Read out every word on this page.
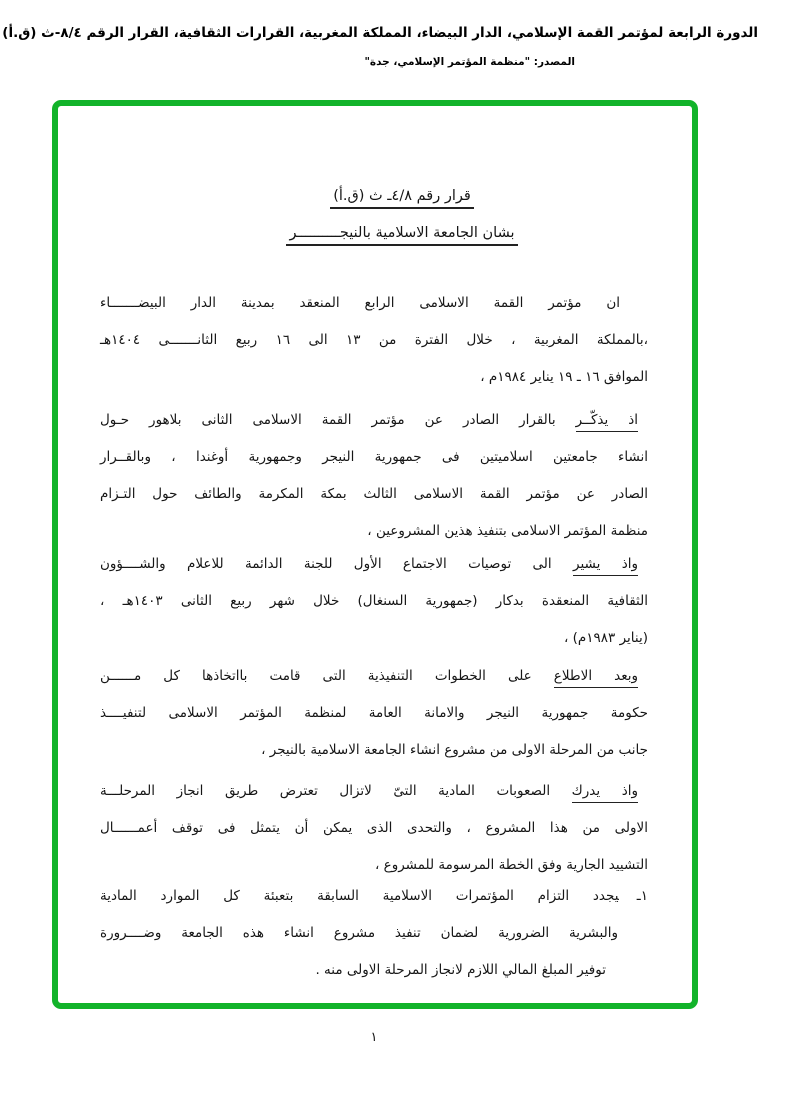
الدورة الرابعة لمؤتمر القمة الإسلامي، الدار البيضاء، المملكة المغربية، القرارات الثقافية، القرار الرقم ٨/٤-ث (ق.أ)
المصدر: "منظمة المؤتمر الإسلامي، جدة"
قرار رقم ٤/٨ـ ث (ق.أ)
بشان الجامعة الاسلامية بالنيجــــــــــر
ان مؤتمر القمة الاسلامى الرابع المنعقد بمدينة الدار البيضـــــــاء
،بالمملكة المغربية ، خلال الفترة من ١٣ الى ١٦ ربيع الثانـــــــى ١٤٠٤هـ
الموافق ١٦ ـ ١٩ يناير ١٩٨٤م ،
اذ يذكّــر بالقرار الصادر عن مؤتمر القمة الاسلامى الثانى بلاهور حـول
انشاء جامعتين اسلاميتين فى جمهورية النيجر وجمهورية أوغندا ، وبالقــرار
الصادر عن مؤتمر القمة الاسلامى الثالث بمكة المكرمة والطائف حول التـزام
منظمة المؤتمر الاسلامى بتنفيذ هذين المشروعين ،
واذ يشير الى توصيات الاجتماع الأول للجنة الدائمة للاعلام والشــــؤون
الثقافية المنعقدة بدكار (جمهورية السنغال) خلال شهر ربيع الثانى ١٤٠٣هـ ،
(يناير ١٩٨٣م) ،
وبعد الاطلاع على الخطوات التنفيذية التى قامت بااتخاذها كل مــــــن
حكومة جمهورية النيجر والامانة العامة لمنظمة المؤتمر الاسلامى لتنفيــــذ
جانب من المرحلة الاولى من مشروع انشاء الجامعة الاسلامية بالنيجر ،
واذ يدرك الصعوبات المادية التىّ لاتزال تعترض طريق انجاز المرحلـــة
الاولى من هذا المشروع ، والتحدى الذى يمكن أن يتمثل فى توقف أعمــــــال
التشييد الجارية وفق الخطة المرسومة للمشروع ،
١ـيجدد التزام المؤتمرات الاسلامية السابقة بتعبئة كل الموارد المادية
والبشرية الضرورية لضمان تنفيذ مشروع انشاء هذه الجامعة وضــــرورة
توفير المبلغ المالي اللازم لانجاز المرحلة الاولى منه .
١
